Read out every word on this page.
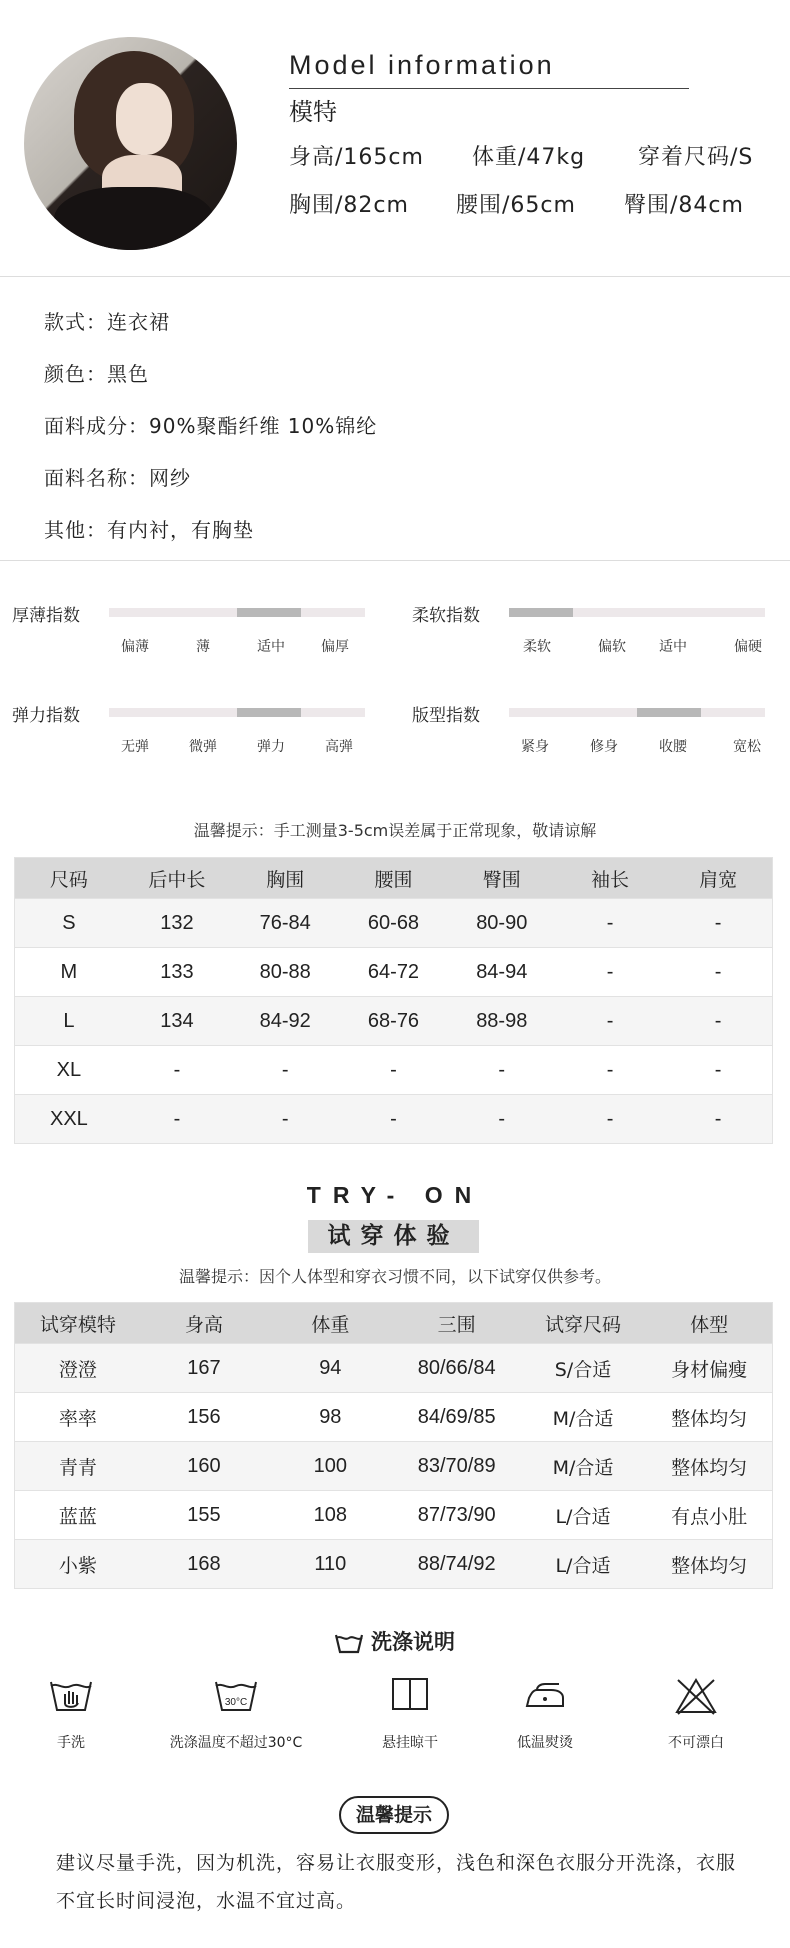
Model information
模特
身高/165cm 体重/47kg 穿着尺码/S
胸围/82cm 腰围/65cm 臀围/84cm
款式：连衣裙
颜色：黑色
面料成分：90%聚酯纤维 10%锦纶
面料名称：网纱
其他：有内衬，有胸垫
厚薄指数
偏薄	薄	适中	偏厚
柔软指数
柔软	偏软 适中	偏硬
弹力指数
无弹	微弹	弹力	高弹
版型指数
紧身	修身	收腰	宽松
温馨提示：手工测量3-5cm误差属于正常现象，敬请谅解
尺码	后中长	胸围	腰围	臀围	袖长	肩宽
S	132	76-84	60-68	80-90	-	-
M	133	80-88	64-72	84-94	-	-
L	134	84-92	68-76	88-98	-	-
XL	-	-	-	-	-	-
XXL	-	-	-	-	-	-
TRY- ON
试穿体验
温馨提示：因个人体型和穿衣习惯不同，以下试穿仅供参考。
试穿模特	身高	体重	三围	试穿尺码	体型
澄澄	167	94	80/66/84	S/合适	身材偏瘦
率率	156	98	84/69/85	M/合适	整体均匀
青青	160	100	83/70/89	M/合适	整体均匀
蓝蓝	155	108	87/73/90	L/合适	有点小肚
小紫	168	110	88/74/92	L/合适	整体均匀
洗涤说明
手洗
30°C
洗涤温度不超过30°C	悬挂晾干	低温熨烫	不可漂白
温馨提示
建议尽量手洗，因为机洗，容易让衣服变形，浅色和深色衣服分开洗涤，衣服不宜长时间浸泡，水温不宜过高。
